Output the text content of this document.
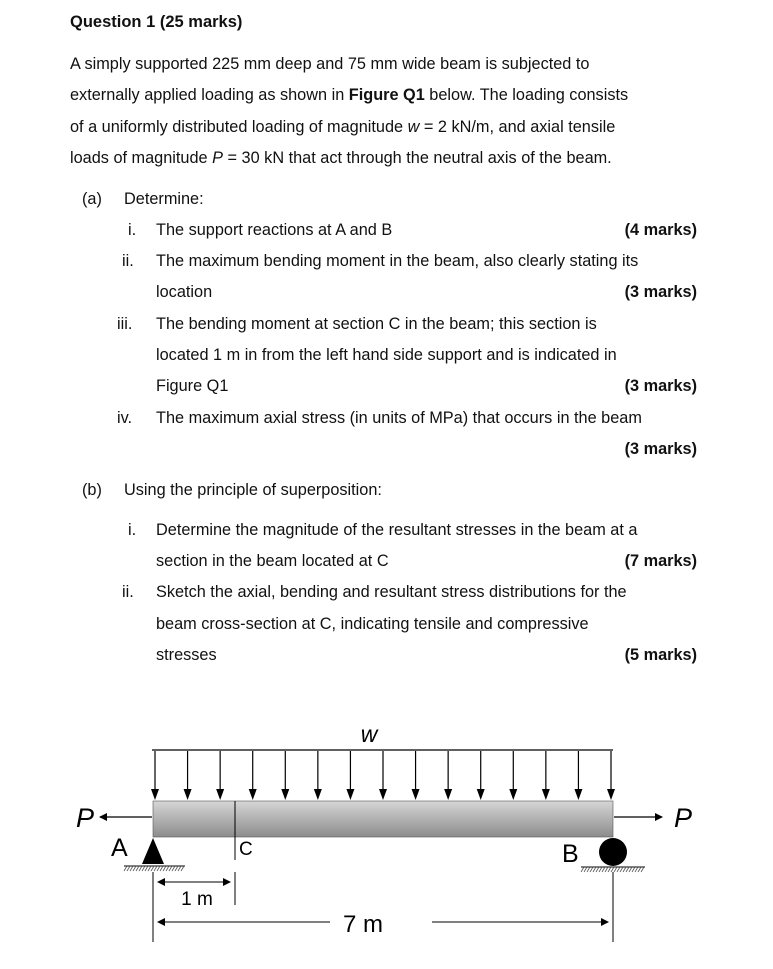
Question 1 (25 marks)
A simply supported 225 mm deep and 75 mm wide beam is subjected to
externally applied loading as shown in Figure Q1 below. The loading consists
of a uniformly distributed loading of magnitude w = 2 kN/m, and axial tensile
loads of magnitude P = 30 kN that act through the neutral axis of the beam.
(a) Determine:
i. The support reactions at A and B	(4 marks)
ii. The maximum bending moment in the beam, also clearly stating its
location	(3 marks)
iii. The bending moment at section C in the beam; this section is
located 1 m in from the left hand side support and is indicated in
Figure Q1	(3 marks)
iv. The maximum axial stress (in units of MPa) that occurs in the beam
(3 marks)
(b) Using the principle of superposition:
i. Determine the magnitude of the resultant stresses in the beam at a
section in the beam located at C	(7 marks)
ii. Sketch the axial, bending and resultant stress distributions for the
beam cross-section at C, indicating tensile and compressive
stresses	(5 marks)
w
C
P	P
A	B
1 m
7 m
